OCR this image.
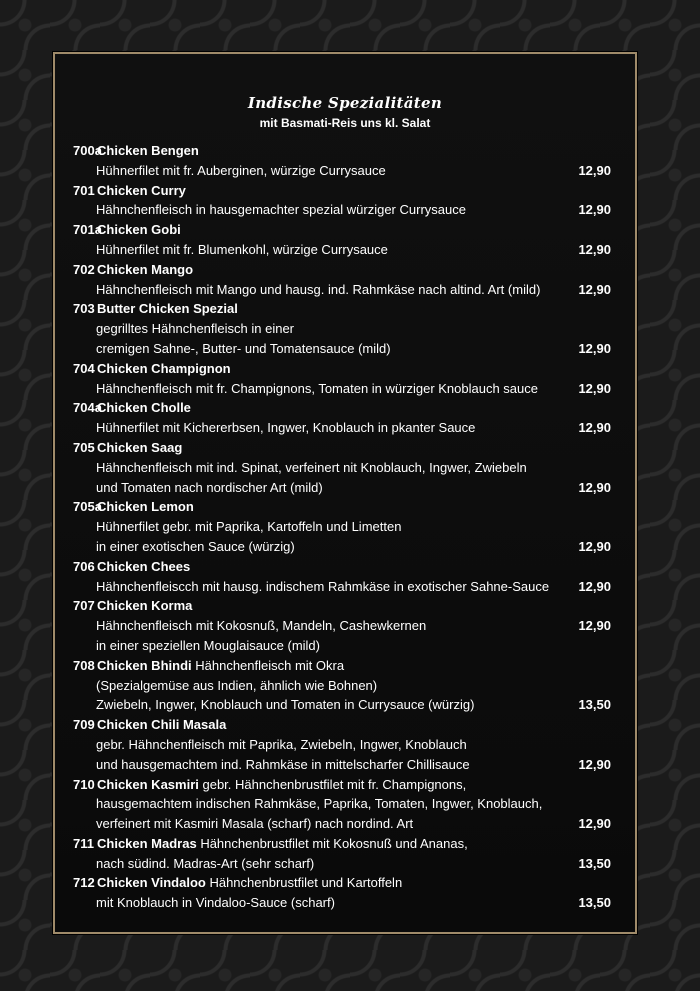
Indische Spezialitäten
mit Basmati-Reis uns kl. Salat
700aChicken Bengen
Hühnerfilet mit fr. Auberginen, würzige Currysauce	12,90
701 Chicken Curry
Hähnchenfleisch in hausgemachter spezial würziger Currysauce	12,90
701aChicken Gobi
Hühnerfilet mit fr. Blumenkohl, würzige Currysauce	12,90
702 Chicken Mango
Hähnchenfleisch mit Mango und hausg. ind. Rahmkäse nach altind. Art (mild)	12,90
703 Butter Chicken Spezial
gegrilltes Hähnchenfleisch in einer
cremigen Sahne-, Butter- und Tomatensauce (mild)	12,90
704 Chicken Champignon
Hähnchenfleisch mit fr. Champignons, Tomaten in würziger Knoblauch sauce	12,90
704aChicken Cholle
Hühnerfilet mit Kichererbsen, Ingwer, Knoblauch in pkanter Sauce	12,90
705 Chicken Saag
Hähnchenfleisch mit ind. Spinat, verfeinert nit Knoblauch, Ingwer, Zwiebeln
und Tomaten nach nordischer Art (mild)	12,90
705aChicken Lemon
Hühnerfilet gebr. mit Paprika, Kartoffeln und Limetten
in einer exotischen Sauce (würzig)	12,90
706 Chicken Chees
Hähnchenfleiscch mit hausg. indischem Rahmkäse in exotischer Sahne-Sauce 12,90
707 Chicken Korma
Hähnchenfleisch mit Kokosnuß, Mandeln, Cashewkernen	12,90
in einer speziellen Mouglaisauce (mild)
708 Chicken Bhindi Hähnchenfleisch mit Okra
(Spezialgemüse aus Indien, ähnlich wie Bohnen)
Zwiebeln, Ingwer, Knoblauch und Tomaten in Currysauce (würzig)	13,50
709 Chicken Chili Masala
gebr. Hähnchenfleisch mit Paprika, Zwiebeln, Ingwer, Knoblauch
und hausgemachtem ind. Rahmkäse in mittelscharfer Chillisauce	12,90
710 Chicken Kasmiri gebr. Hähnchenbrustfilet mit fr. Champignons,
hausgemachtem indischen Rahmkäse, Paprika, Tomaten, Ingwer, Knoblauch,
verfeinert mit Kasmiri Masala (scharf) nach nordind. Art	12,90
711 Chicken Madras Hähnchenbrustfilet mit Kokosnuß und Ananas,
nach südind. Madras-Art (sehr scharf)	13,50
712 Chicken Vindaloo Hähnchenbrustfilet und Kartoffeln
mit Knoblauch in Vindaloo-Sauce (scharf)	13,50
